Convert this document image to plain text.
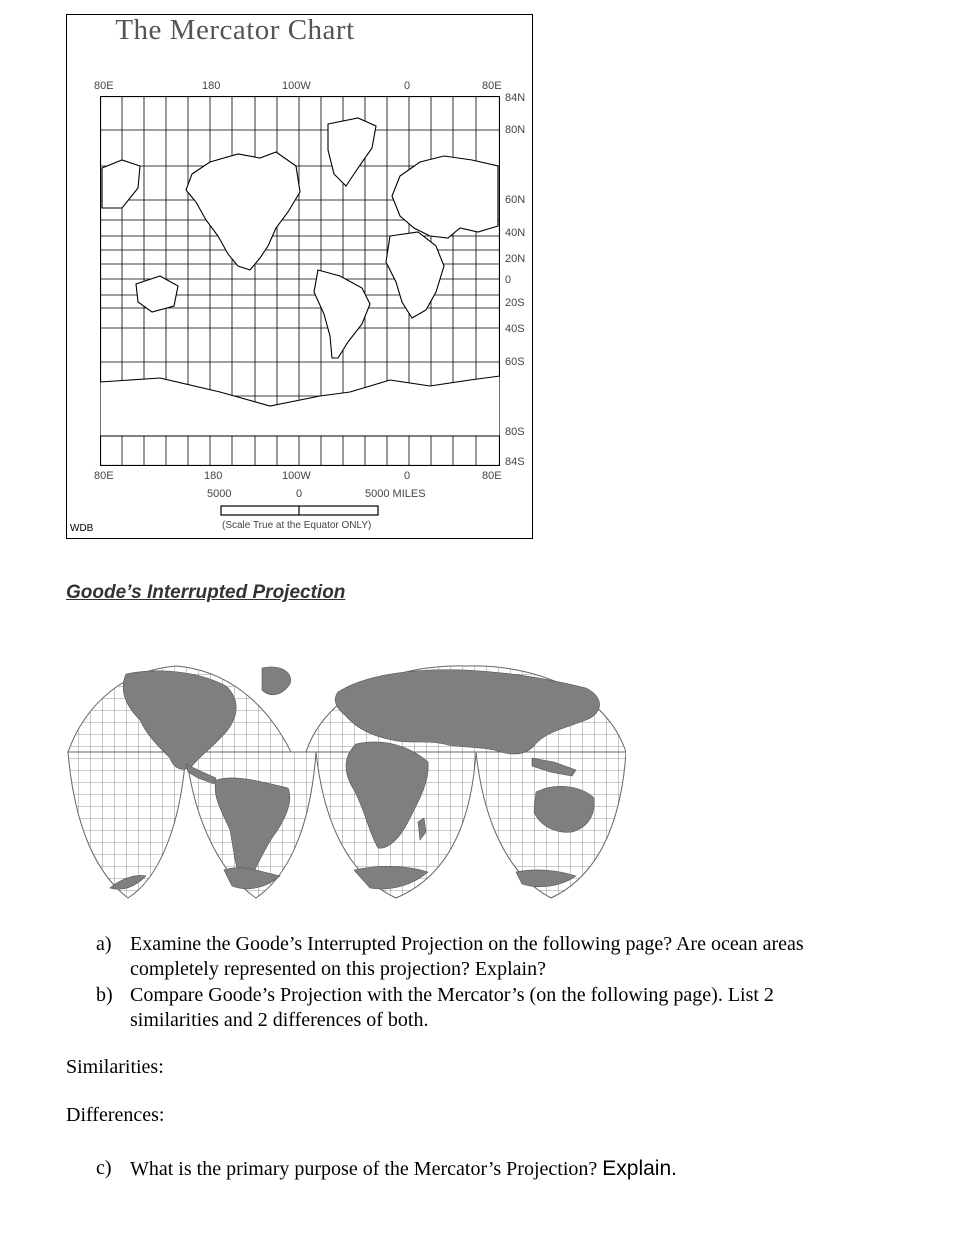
The Mercator Chart
80E	180	100W	0	80E
84N
80N
60N
40N
20N
0
20S
40S
60S
80S
84S
80E	180	100W	0	80E
5000	0	5000 MILES
(Scale True at the Equator ONLY)
WDB
Goode’s Interrupted Projection
a) Examine the Goode’s Interrupted Projection on the following page? Are ocean areas completely represented on this projection? Explain?
b) Compare Goode’s Projection with the Mercator’s (on the following page). List 2 similarities and 2 differences of both.
Similarities:
Differences:
c) What is the primary purpose of the Mercator’s Projection? Explain.
